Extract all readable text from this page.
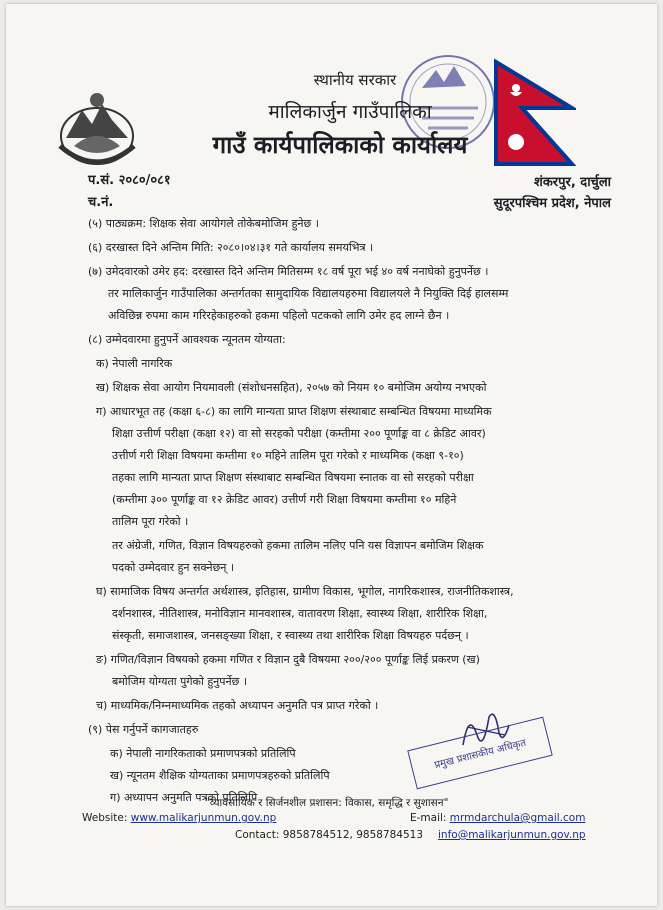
स्थानीय सरकार
मालिकार्जुन गाउँपालिका
गाउँ कार्यपालिकाको कार्यालय
प.सं. २०८०/०८१
च.नं.
शंकरपुर, दार्चुला
सुदूरपश्चिम प्रदेश, नेपाल
(५) पाठ्यक्रम: शिक्षक सेवा आयोगले तोकेबमोजिम हुनेछ ।
(६) दरखास्त दिने अन्तिम मिति: २०८०।०४।३१ गते कार्यालय समयभित्र ।
(७) उमेदवारको उमेर हद: दरखास्त दिने अन्तिम मितिसम्म १८ वर्ष पूरा भई ४० वर्ष ननाघेको हुनुपर्नेछ ।
तर मालिकार्जुन गाउँपालिका अन्तर्गतका सामुदायिक विद्यालयहरुमा विद्यालयले नै नियुक्ति दिई हालसम्म
अविछिन्न रुपमा काम गरिरहेकाहरुको हकमा पहिलो पटकको लागि उमेर हद लाग्ने छैन ।
(८) उम्मेदवारमा हुनुपर्ने आवश्यक न्यूनतम योग्यता:
क) नेपाली नागरिक
ख) शिक्षक सेवा आयोग नियमावली (संशोधनसहित), २०५७ को नियम १० बमोजिम अयोग्य नभएको
ग) आधारभूत तह (कक्षा ६-८) का लागि मान्यता प्राप्त शिक्षण संस्थाबाट सम्बन्धित विषयमा माध्यमिक
शिक्षा उत्तीर्ण परीक्षा (कक्षा १२) वा सो सरहको परीक्षा (कम्तीमा २०० पूर्णाङ्क वा ८ क्रेडिट आवर)
उत्तीर्ण गरी शिक्षा विषयमा कम्तीमा १० महिने तालिम पूरा गरेको र माध्यमिक (कक्षा ९-१०)
तहका लागि मान्यता प्राप्त शिक्षण संस्थाबाट सम्बन्धित विषयमा स्नातक वा सो सरहको परीक्षा
(कम्तीमा ३०० पूर्णाङ्क वा १२ क्रेडिट आवर) उत्तीर्ण गरी शिक्षा विषयमा कम्तीमा १० महिने
तालिम पूरा गरेको ।
तर अंग्रेजी, गणित, विज्ञान विषयहरुको हकमा तालिम नलिए पनि यस विज्ञापन बमोजिम शिक्षक
पदको उम्मेदवार हुन सक्नेछन् ।
घ) सामाजिक विषय अन्तर्गत अर्थशास्त्र, इतिहास, ग्रामीण विकास, भूगोल, नागरिकशास्त्र, राजनीतिकशास्त्र,
दर्शनशास्त्र, नीतिशास्त्र, मनोविज्ञान मानवशास्त्र, वातावरण शिक्षा, स्वास्थ्य शिक्षा, शारीरिक शिक्षा,
संस्कृती, समाजशास्त्र, जनसङ्ख्या शिक्षा, र स्वास्थ्य तथा शारीरिक शिक्षा विषयहरु पर्दछन् ।
ङ) गणित/विज्ञान विषयको हकमा गणित र विज्ञान दुबै विषयमा २००/२०० पूर्णाङ्क लिई प्रकरण (ख)
बमोजिम योग्यता पुगेको हुनुपर्नेछ ।
च) माध्यमिक/निम्नमाध्यमिक तहको अध्यापन अनुमति पत्र प्राप्त गरेको ।
(९) पेस गर्नुपर्ने कागजातहरु
क) नेपाली नागरिकताको प्रमाणपत्रको प्रतिलिपि
ख) न्यूनतम शैक्षिक योग्यताका प्रमाणपत्रहरुको प्रतिलिपि
ग) अध्यापन अनुमति पत्रको प्रतिलिपि
प्रमुख प्रशासकीय अधिकृत
"व्यावसायिक र सिर्जनशील प्रशासन: विकास, समृद्धि र सुशासन"
Website: www.malikarjunmun.gov.np	E-mail: mrmdarchula@gmail.com
Contact: 9858784512, 9858784513 info@malikarjunmun.gov.np
